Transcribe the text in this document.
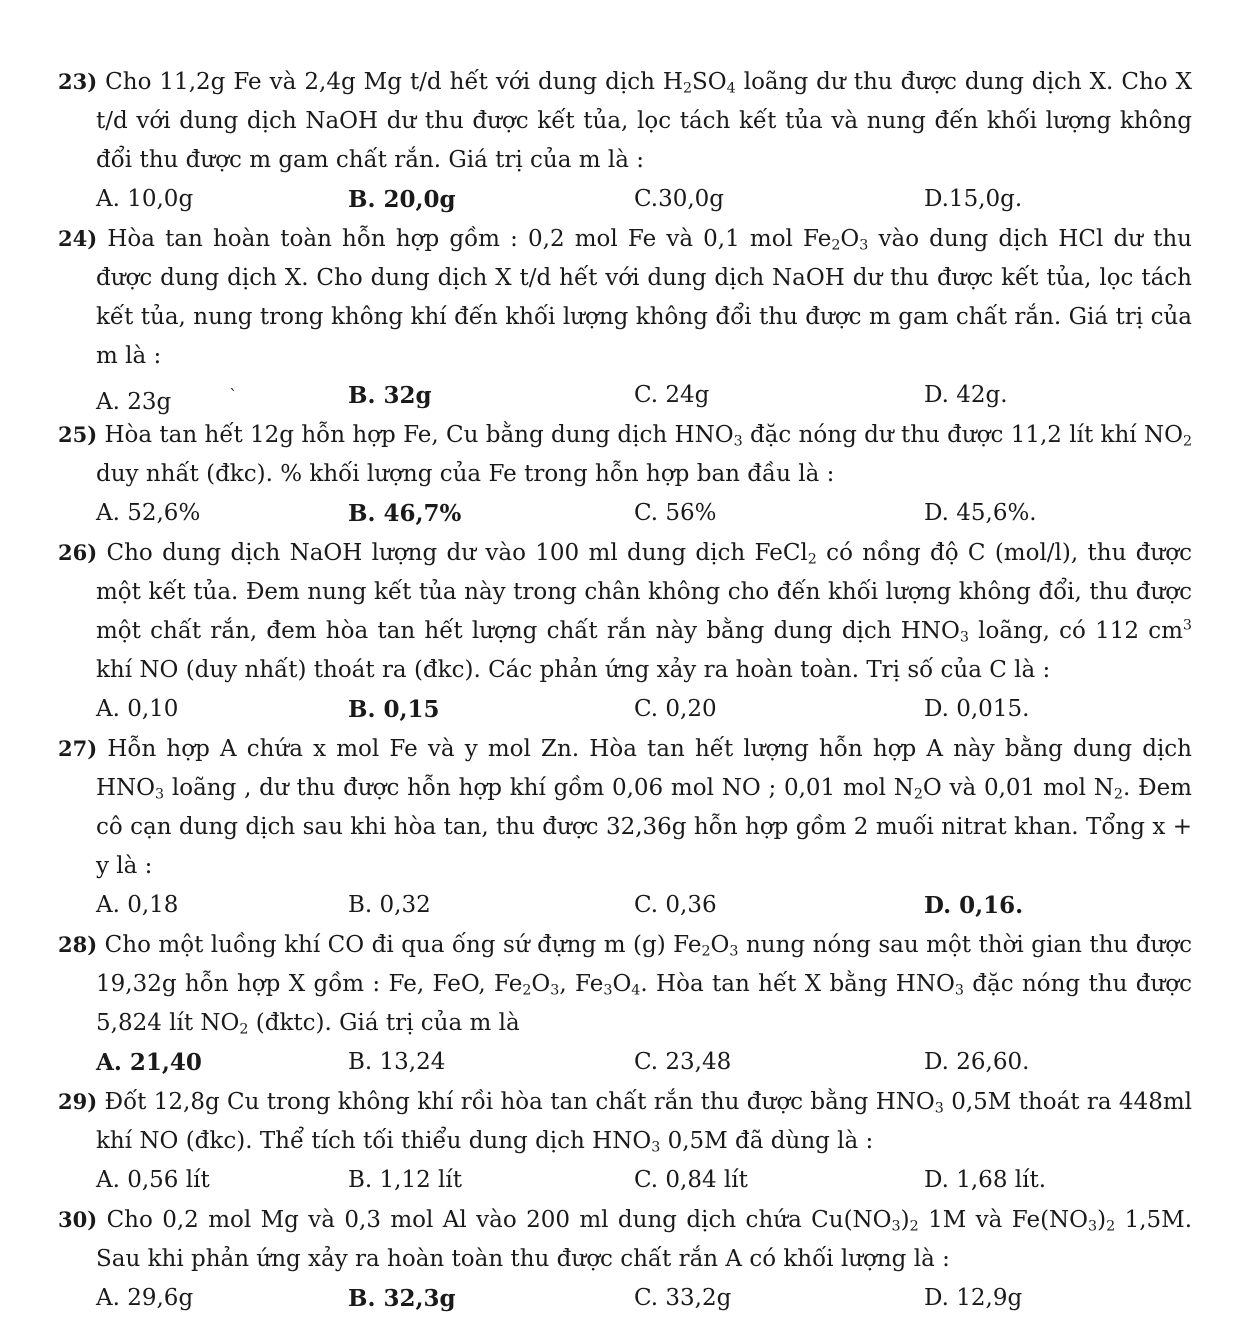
23) Cho 11,2g Fe và 2,4g Mg t/d hết với dung dịch $H_2SO_4$ loãng dư thu được dung dịch X. Cho X t/d với dung dịch NaOH dư thu được kết tủa, lọc tách kết tủa và nung đến khối lượng không đổi thu được m gam chất rắn. Giá trị của m là :
A. 10,0g	B. 20,0g	C.30,0g	D.15,0g.
24) Hòa tan hoàn toàn hỗn hợp gồm : 0,2 mol Fe và 0,1 mol $Fe_2O_3$ vào dung dịch HCl dư thu được dung dịch X. Cho dung dịch X t/d hết với dung dịch NaOH dư thu được kết tủa, lọc tách kết tủa, nung trong không khí đến khối lượng không đổi thu được m gam chất rắn. Giá trị của m là :
A. 23g	`	B. 32g	C. 24g	D. 42g.
25) Hòa tan hết 12g hỗn hợp Fe, Cu bằng dung dịch $HNO_3$ đặc nóng dư thu được 11,2 lít khí $NO_2$ duy nhất (đkc). % khối lượng của Fe trong hỗn hợp ban đầu là :
A. 52,6%	B. 46,7%	C. 56%	D. 45,6%.
26) Cho dung dịch NaOH lượng dư vào 100 ml dung dịch FeCl$_2$ có nồng độ C (mol/l), thu được một kết tủa. Đem nung kết tủa này trong chân không cho đến khối lượng không đổi, thu được một chất rắn, đem hòa tan hết lượng chất rắn này bằng dung dịch $HNO_3$ loãng, có 112 $cm^3$ khí NO (duy nhất) thoát ra (đkc). Các phản ứng xảy ra hoàn toàn. Trị số của C là :
A. 0,10	B. 0,15	C. 0,20	D. 0,015.
27) Hỗn hợp A chứa x mol Fe và y mol Zn. Hòa tan hết lượng hỗn hợp A này bằng dung dịch $HNO_3$ loãng , dư thu được hỗn hợp khí gồm 0,06 mol NO ; 0,01 mol $N_2O$ và 0,01 mol $N_2$. Đem cô cạn dung dịch sau khi hòa tan, thu được 32,36g hỗn hợp gồm 2 muối nitrat khan. Tổng x + y là :
A. 0,18	B. 0,32	C. 0,36	D. 0,16.
28) Cho một luồng khí CO đi qua ống sứ đựng m (g) $Fe_2O_3$ nung nóng sau một thời gian thu được 19,32g hỗn hợp X gồm : Fe, FeO, $Fe_2O_3$, $Fe_3O_4$. Hòa tan hết X bằng $HNO_3$ đặc nóng thu được 5,824 lít $NO_2$ (đktc). Giá trị của m là
A. 21,40	B. 13,24	C. 23,48	D. 26,60.
29) Đốt 12,8g Cu trong không khí rồi hòa tan chất rắn thu được bằng $HNO_3$ 0,5M thoát ra 448ml khí NO (đkc). Thể tích tối thiểu dung dịch $HNO_3$ 0,5M đã dùng là :
A. 0,56 lít	B. 1,12 lít	C. 0,84 lít	D. 1,68 lít.
30) Cho 0,2 mol Mg và 0,3 mol Al vào 200 ml dung dịch chứa $Cu(NO_3)_2$ 1M và $Fe(NO_3)_2$ 1,5M. Sau khi phản ứng xảy ra hoàn toàn thu được chất rắn A có khối lượng là :
A. 29,6g	B. 32,3g	C. 33,2g	D. 12,9g
